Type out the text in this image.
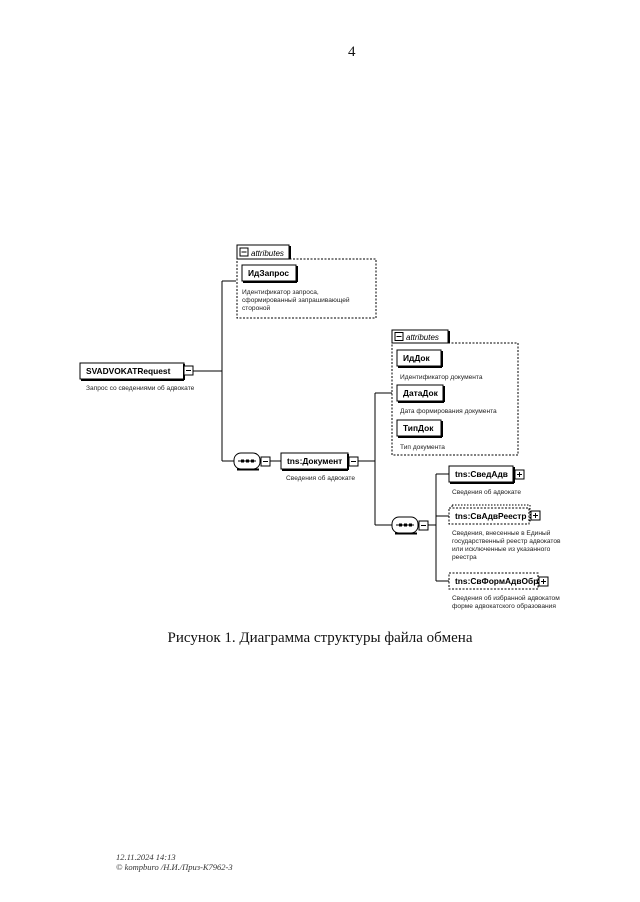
4
SVADVOKATRequest
Запрос со сведениями об адвокате
attributes
ИдЗапрос
Идентификатор запроса,
сформированный запрашивающей
стороной
tns:Документ
Сведения об адвокате
attributes
ИдДок
Идентификатор документа
ДатаДок
Дата формирования документа
ТипДок
Тип документа
tns:СведАдв
Сведения об адвокате
tns:СвАдвРеестр
Сведения, внесенные в Единый
государственный реестр адвокатов
или исключенные из указанного
реестра
tns:СвФормАдвОбр
Сведения об избранной адвокатом
форме адвокатского образования
Рисунок 1. Диаграмма структуры файла обмена
12.11.2024 14:13
© kompburo /Н.И./Приз-К7962-3
